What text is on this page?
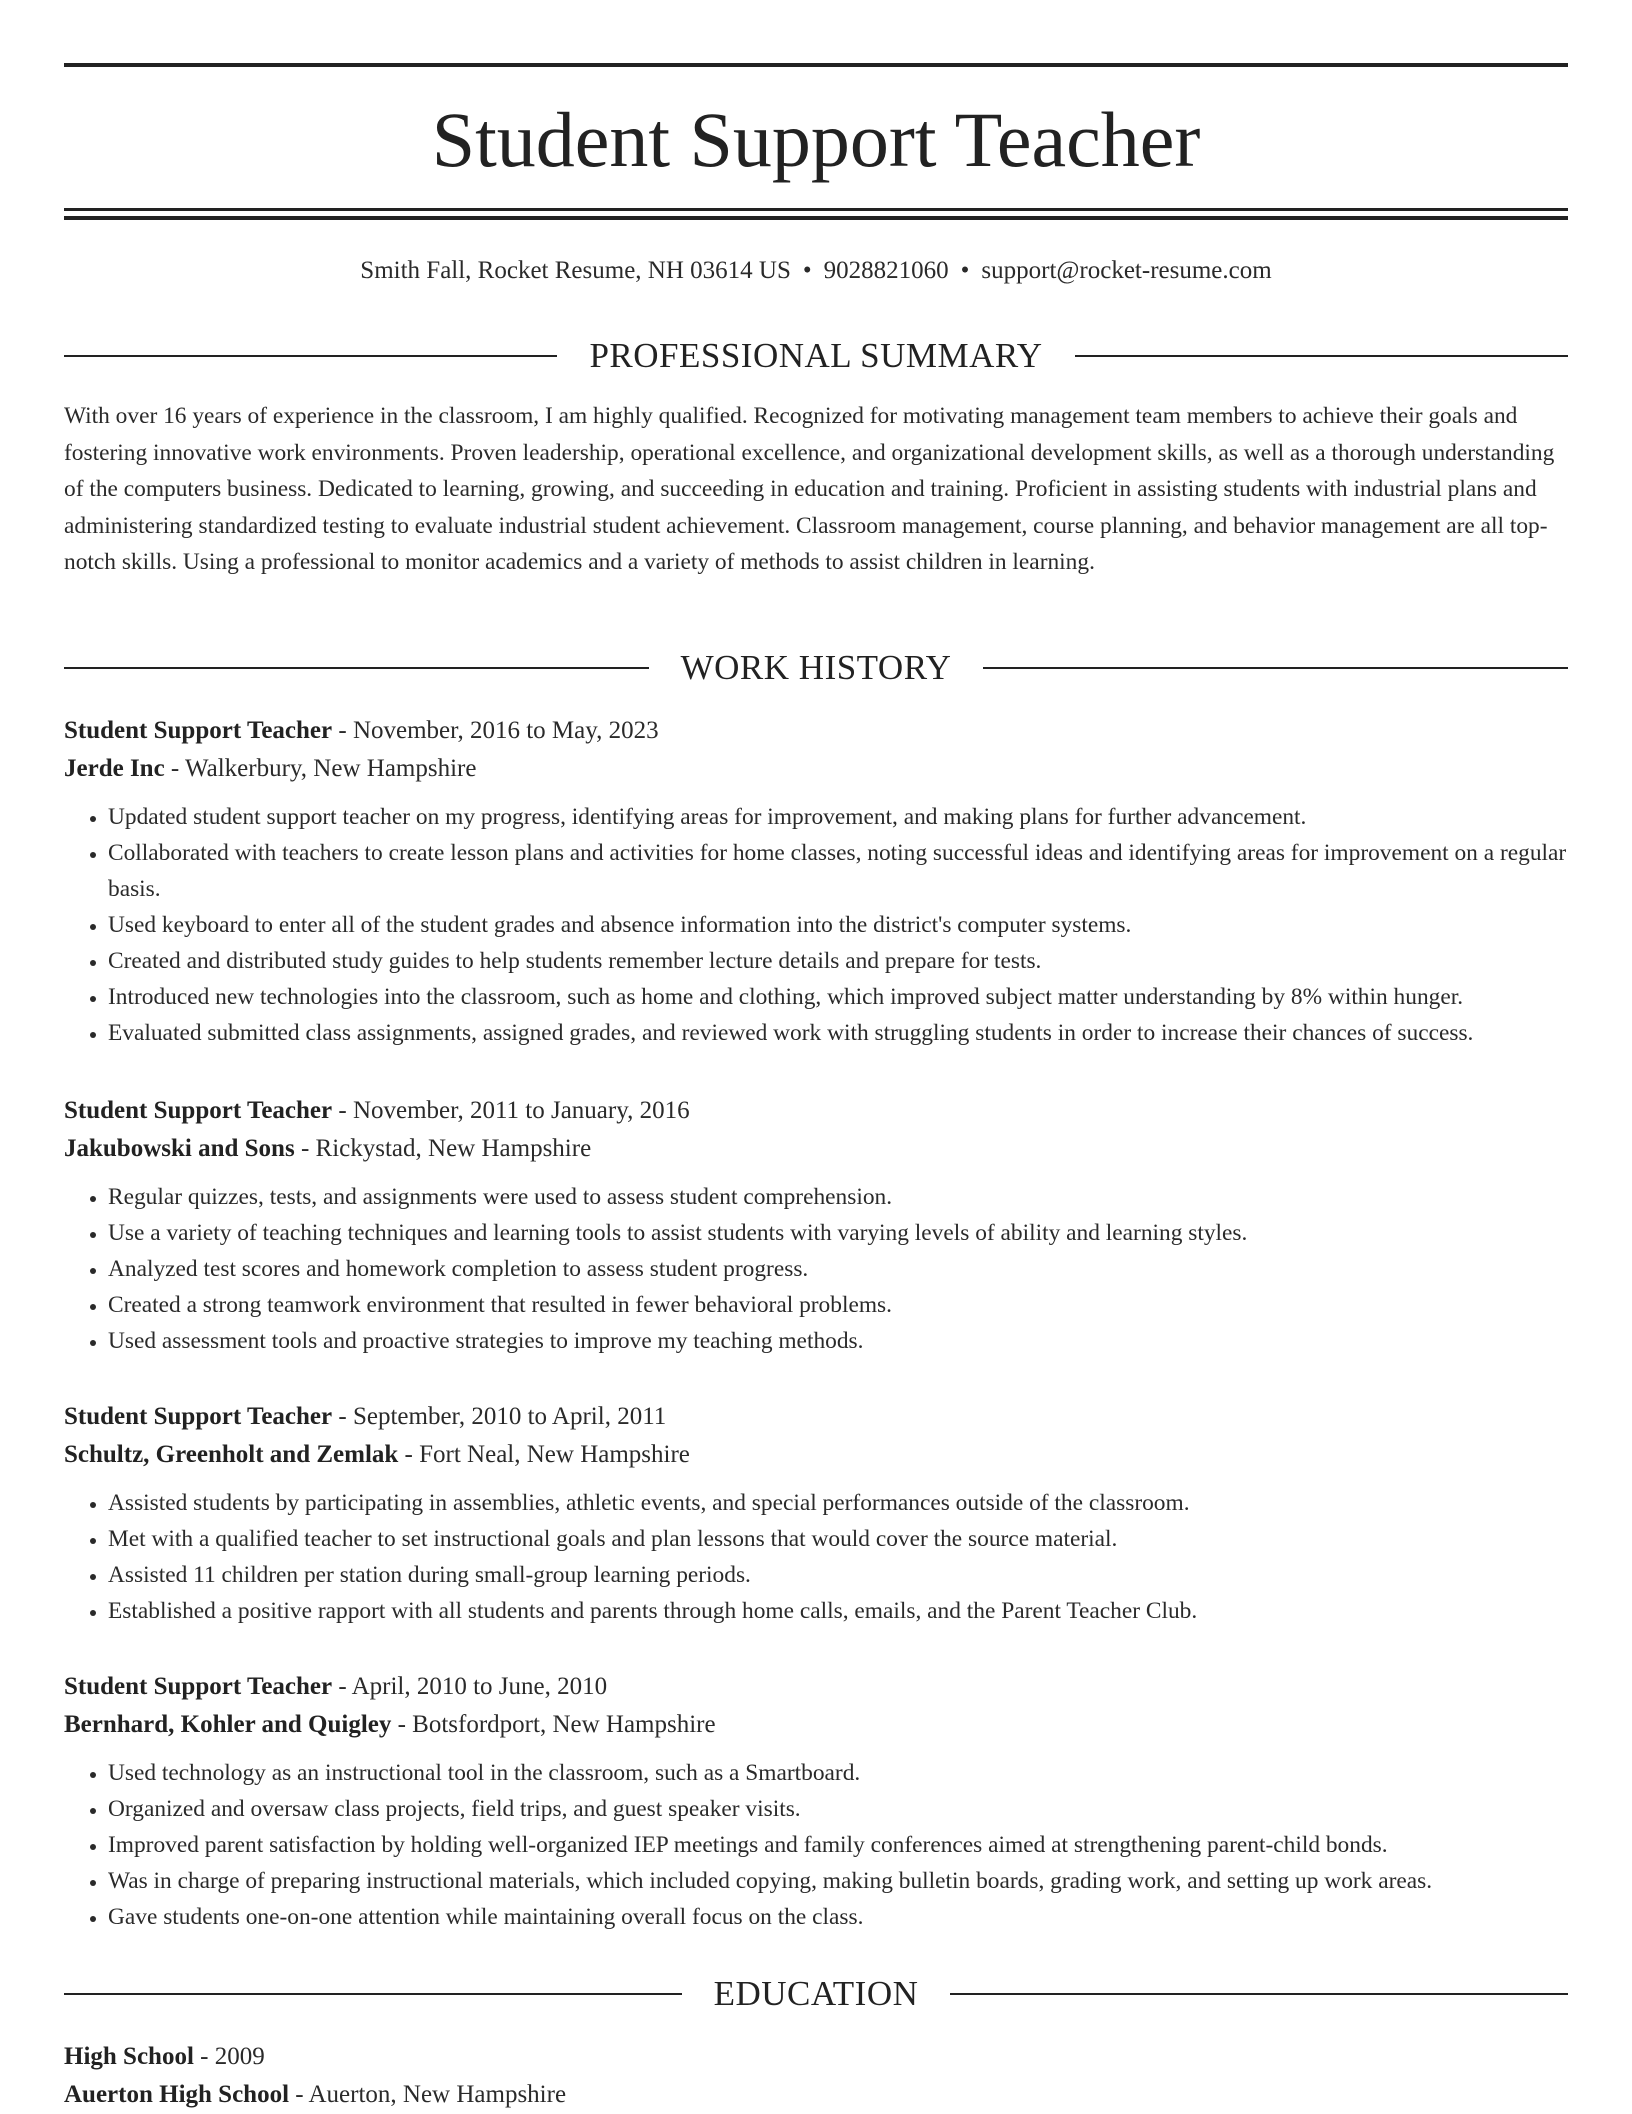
Student Support Teacher
Smith Fall, Rocket Resume, NH 03614 US • 9028821060 • support@rocket-resume.com
PROFESSIONAL SUMMARY

With over 16 years of experience in the classroom, I am highly qualified. Recognized for motivating management team members to achieve their goals and fostering innovative work environments. Proven leadership, operational excellence, and organizational development skills, as well as a thorough understanding of the computers business. Dedicated to learning, growing, and succeeding in education and training. Proficient in assisting students with industrial plans and administering standardized testing to evaluate industrial student achievement. Classroom management, course planning, and behavior management are all top-notch skills. Using a professional to monitor academics and a variety of methods to assist children in learning.

WORK HISTORY
Student Support Teacher - November, 2016 to May, 2023
Jerde Inc - Walkerbury, New Hampshire
• Updated student support teacher on my progress, identifying areas for improvement, and making plans for further advancement.
• Collaborated with teachers to create lesson plans and activities for home classes, noting successful ideas and identifying areas for improvement on a regular basis.
• Used keyboard to enter all of the student grades and absence information into the district's computer systems.
• Created and distributed study guides to help students remember lecture details and prepare for tests.
• Introduced new technologies into the classroom, such as home and clothing, which improved subject matter understanding by 8% within hunger.
• Evaluated submitted class assignments, assigned grades, and reviewed work with struggling students in order to increase their chances of success.
Student Support Teacher - November, 2011 to January, 2016
Jakubowski and Sons - Rickystad, New Hampshire
• Regular quizzes, tests, and assignments were used to assess student comprehension.
• Use a variety of teaching techniques and learning tools to assist students with varying levels of ability and learning styles.
• Analyzed test scores and homework completion to assess student progress.
• Created a strong teamwork environment that resulted in fewer behavioral problems.
• Used assessment tools and proactive strategies to improve my teaching methods.
Student Support Teacher - September, 2010 to April, 2011
Schultz, Greenholt and Zemlak - Fort Neal, New Hampshire
• Assisted students by participating in assemblies, athletic events, and special performances outside of the classroom.
• Met with a qualified teacher to set instructional goals and plan lessons that would cover the source material.
• Assisted 11 children per station during small-group learning periods.
• Established a positive rapport with all students and parents through home calls, emails, and the Parent Teacher Club.
Student Support Teacher - April, 2010 to June, 2010
Bernhard, Kohler and Quigley - Botsfordport, New Hampshire
• Used technology as an instructional tool in the classroom, such as a Smartboard.
• Organized and oversaw class projects, field trips, and guest speaker visits.
• Improved parent satisfaction by holding well-organized IEP meetings and family conferences aimed at strengthening parent-child bonds.
• Was in charge of preparing instructional materials, which included copying, making bulletin boards, grading work, and setting up work areas.
• Gave students one-on-one attention while maintaining overall focus on the class.
EDUCATION
High School - 2009
Auerton High School - Auerton, New Hampshire
